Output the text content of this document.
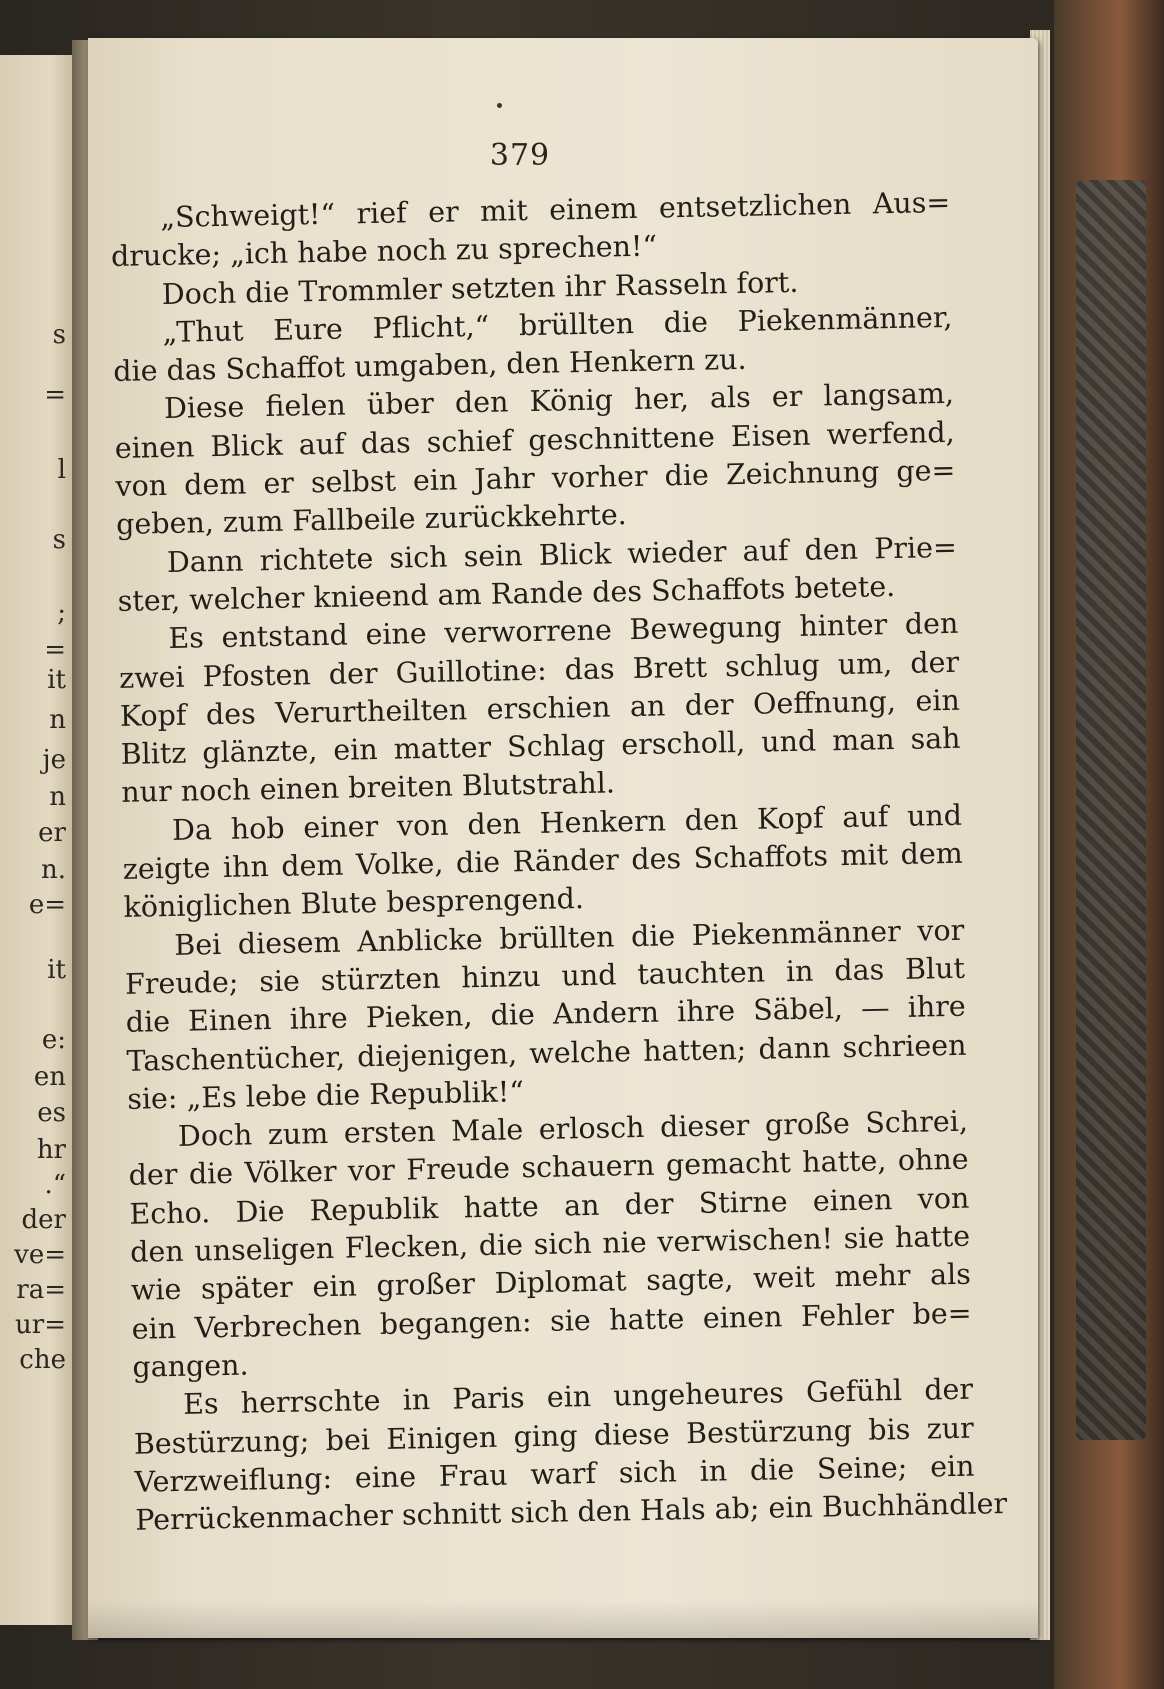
s
=
l
s
;
=
it
n
je
n
er
n.
e=
it
e:
en
es
hr
.“
der
ve=
ra=
ur=
che
379
„Schweigt!“ rief er mit einem entsetzlichen Aus=
drucke; „ich habe noch zu sprechen!“
Doch die Trommler setzten ihr Rasseln fort.
„Thut Eure Pflicht,“ brüllten die Piekenmänner,
die das Schaffot umgaben, den Henkern zu.
Diese fielen über den König her, als er langsam,
einen Blick auf das schief geschnittene Eisen werfend,
von dem er selbst ein Jahr vorher die Zeichnung ge=
geben, zum Fallbeile zurückkehrte.
Dann richtete sich sein Blick wieder auf den Prie=
ster, welcher knieend am Rande des Schaffots betete.
Es entstand eine verworrene Bewegung hinter den
zwei Pfosten der Guillotine: das Brett schlug um, der
Kopf des Verurtheilten erschien an der Oeffnung, ein
Blitz glänzte, ein matter Schlag erscholl, und man sah
nur noch einen breiten Blutstrahl.
Da hob einer von den Henkern den Kopf auf und
zeigte ihn dem Volke, die Ränder des Schaffots mit dem
königlichen Blute besprengend.
Bei diesem Anblicke brüllten die Piekenmänner vor
Freude; sie stürzten hinzu und tauchten in das Blut
die Einen ihre Pieken, die Andern ihre Säbel, — ihre
Taschentücher, diejenigen, welche hatten; dann schrieen
sie: „Es lebe die Republik!“
Doch zum ersten Male erlosch dieser große Schrei,
der die Völker vor Freude schauern gemacht hatte, ohne
Echo. Die Republik hatte an der Stirne einen von
den unseligen Flecken, die sich nie verwischen! sie hatte
wie später ein großer Diplomat sagte, weit mehr als
ein Verbrechen begangen: sie hatte einen Fehler be=
gangen.
Es herrschte in Paris ein ungeheures Gefühl der
Bestürzung; bei Einigen ging diese Bestürzung bis zur
Verzweiflung: eine Frau warf sich in die Seine; ein
Perrückenmacher schnitt sich den Hals ab; ein Buchhändler
